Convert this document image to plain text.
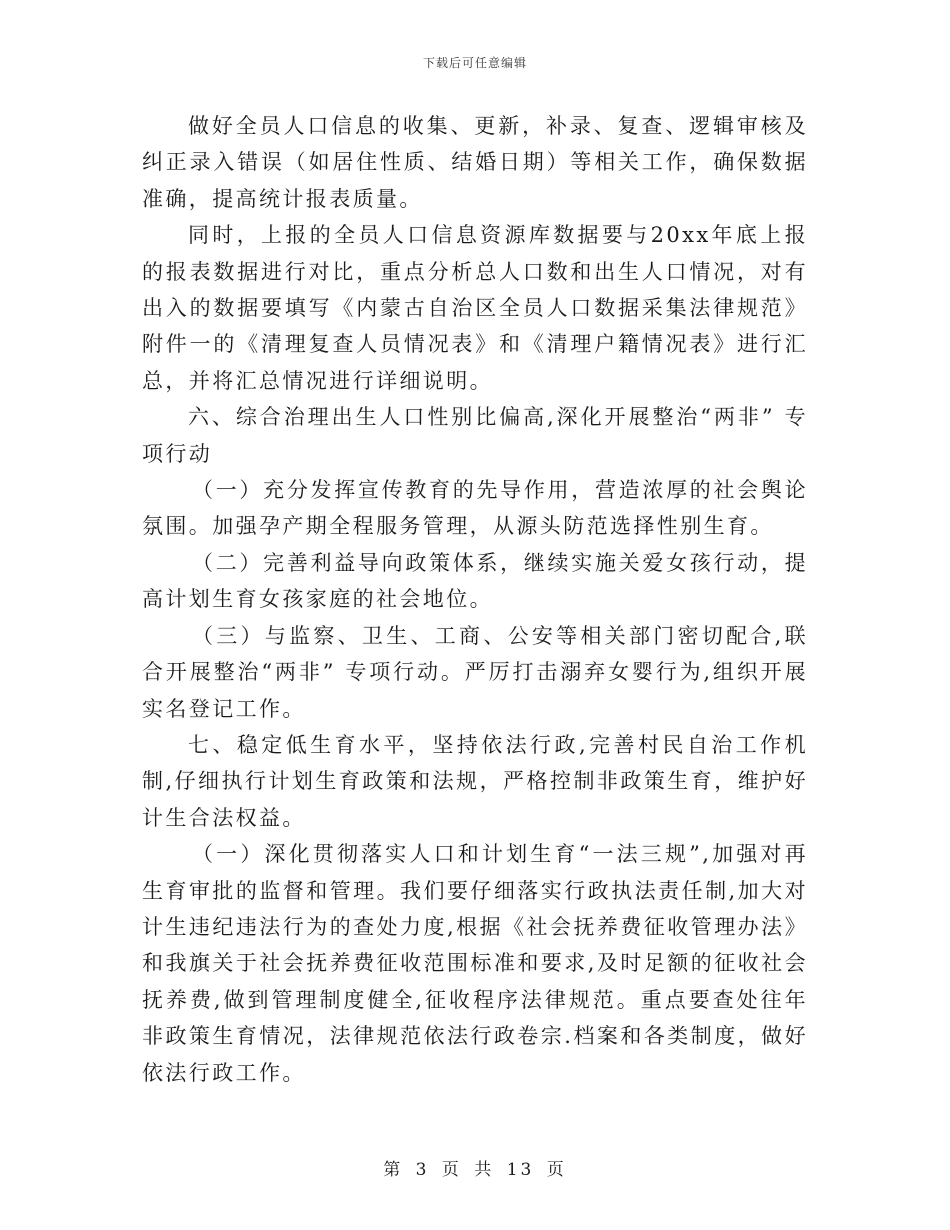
下载后可任意编辑

做好全员人口信息的收集、更新，补录、复查、逻辑审核及纠正录入错误（如居住性质、结婚日期）等相关工作，确保数据准确，提高统计报表质量。

同时，上报的全员人口信息资源库数据要与20xx年底上报的报表数据进行对比，重点分析总人口数和出生人口情况，对有出入的数据要填写《内蒙古自治区全员人口数据采集法律规范》附件一的《清理复查人员情况表》和《清理户籍情况表》进行汇总，并将汇总情况进行详细说明。

六、综合治理出生人口性别比偏高,深化开展整治“两非” 专项行动

（一）充分发挥宣传教育的先导作用，营造浓厚的社会舆论氛围。加强孕产期全程服务管理，从源头防范选择性别生育。

（二）完善利益导向政策体系，继续实施关爱女孩行动，提高计划生育女孩家庭的社会地位。

（三）与监察、卫生、工商、公安等相关部门密切配合,联合开展整治“两非” 专项行动。严厉打击溺弃女婴行为,组织开展实名登记工作。

七、稳定低生育水平，坚持依法行政,完善村民自治工作机制,仔细执行计划生育政策和法规，严格控制非政策生育，维护好计生合法权益。

（一）深化贯彻落实人口和计划生育“一法三规”,加强对再生育审批的监督和管理。我们要仔细落实行政执法责任制,加大对计生违纪违法行为的查处力度,根据《社会抚养费征收管理办法》和我旗关于社会抚养费征收范围标准和要求,及时足额的征收社会抚养费,做到管理制度健全,征收程序法律规范。重点要查处往年非政策生育情况，法律规范依法行政卷宗.档案和各类制度，做好依法行政工作。

第 3 页 共 13 页
